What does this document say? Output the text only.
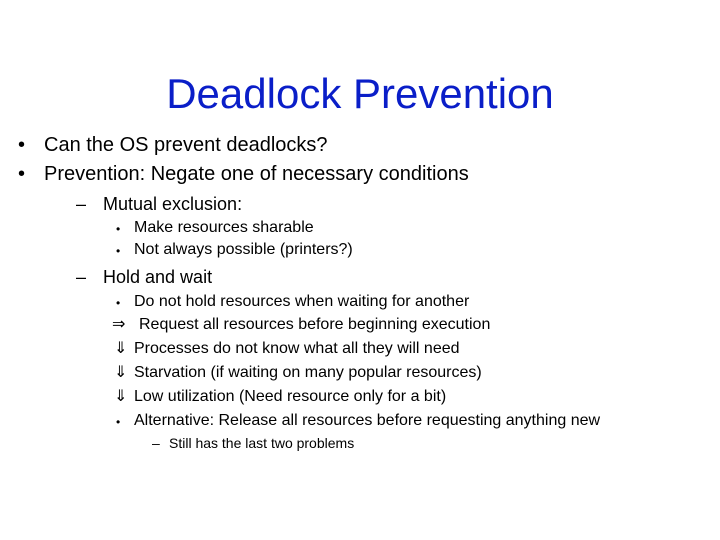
Deadlock Prevention
• Can the OS prevent deadlocks?
• Prevention: Negate one of necessary conditions
– Mutual exclusion:
• Make resources sharable
• Not always possible (printers?)
– Hold and wait
• Do not hold resources when waiting for another
⇒ Request all resources before beginning execution
⇓ Processes do not know what all they will need
⇓ Starvation (if waiting on many popular resources)
⇓ Low utilization (Need resource only for a bit)
• Alternative: Release all resources before requesting anything new
– Still has the last two problems
